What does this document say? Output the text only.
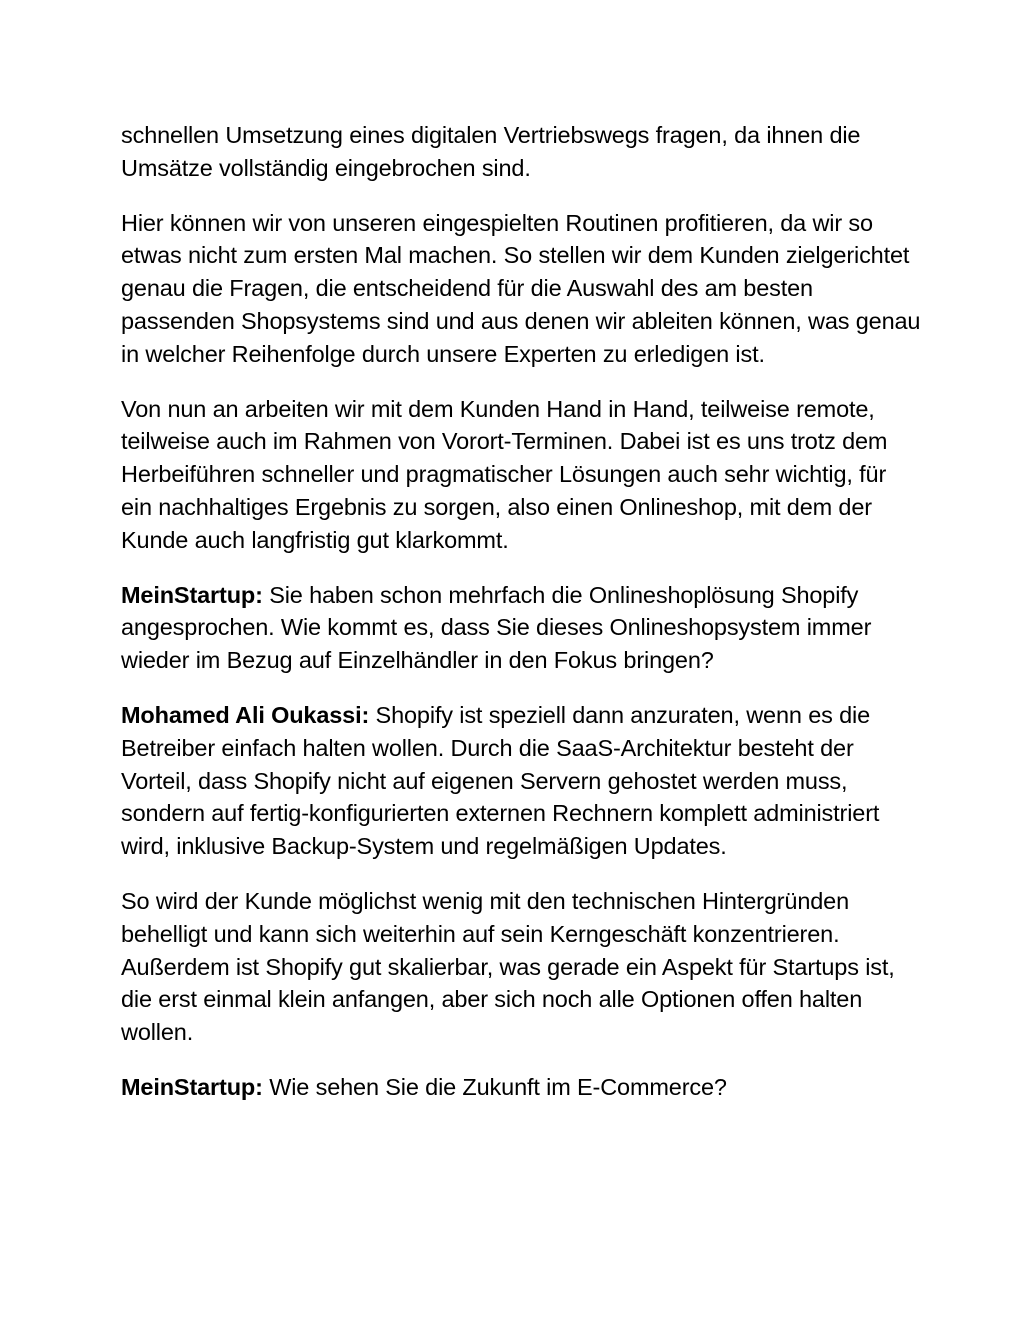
schnellen Umsetzung eines digitalen Vertriebswegs fragen, da ihnen die Umsätze vollständig eingebrochen sind.

Hier können wir von unseren eingespielten Routinen profitieren, da wir so etwas nicht zum ersten Mal machen. So stellen wir dem Kunden zielgerichtet genau die Fragen, die entscheidend für die Auswahl des am besten passenden Shopsystems sind und aus denen wir ableiten können, was genau in welcher Reihenfolge durch unsere Experten zu erledigen ist.

Von nun an arbeiten wir mit dem Kunden Hand in Hand, teilweise remote, teilweise auch im Rahmen von Vorort-Terminen. Dabei ist es uns trotz dem Herbeiführen schneller und pragmatischer Lösungen auch sehr wichtig, für ein nachhaltiges Ergebnis zu sorgen, also einen Onlineshop, mit dem der Kunde auch langfristig gut klarkommt.

MeinStartup: Sie haben schon mehrfach die Onlineshoplösung Shopify angesprochen. Wie kommt es, dass Sie dieses Onlineshopsystem immer wieder im Bezug auf Einzelhändler in den Fokus bringen?

Mohamed Ali Oukassi: Shopify ist speziell dann anzuraten, wenn es die Betreiber einfach halten wollen. Durch die SaaS-Architektur besteht der Vorteil, dass Shopify nicht auf eigenen Servern gehostet werden muss, sondern auf fertig-konfigurierten externen Rechnern komplett administriert wird, inklusive Backup-System und regelmäßigen Updates.

So wird der Kunde möglichst wenig mit den technischen Hintergründen behelligt und kann sich weiterhin auf sein Kerngeschäft konzentrieren. Außerdem ist Shopify gut skalierbar, was gerade ein Aspekt für Startups ist, die erst einmal klein anfangen, aber sich noch alle Optionen offen halten wollen.

MeinStartup: Wie sehen Sie die Zukunft im E-Commerce?
